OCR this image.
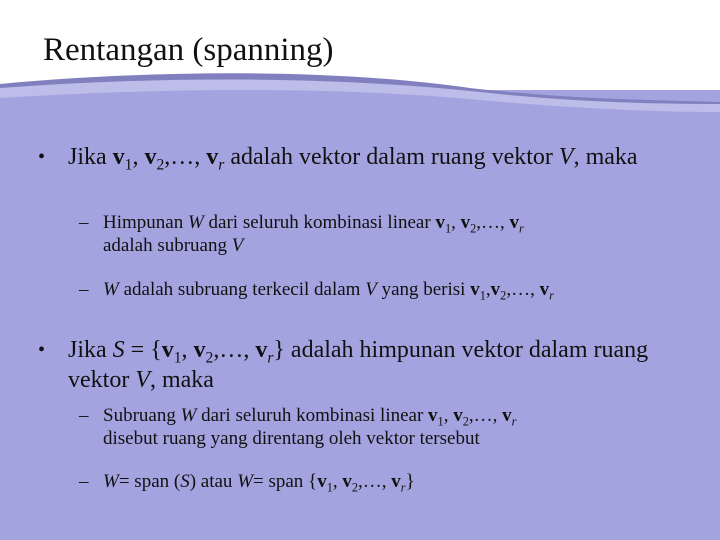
Rentangan (spanning)
• Jika $v_1$, $v_2,\dots$, $v_r$ adalah vektor dalam ruang vektor V, maka
– Himpunan W dari seluruh kombinasi linear $v_1$, $v_2,\dots$, $v_r$
adalah subruang V
– W adalah subruang terkecil dalam V yang berisi $v_1,v_2,\dots$, $v_r$
• Jika $S = \{v_1$, $v_2,\dots$, $v_r$} adalah himpunan vektor dalam ruang vektor V, maka
– Subruang W dari seluruh kombinasi linear $v_1$, $v_2,\dots$, $v_r$
disebut ruang yang direntang oleh vektor tersebut
– W= span (S) atau W= span {$v_1$, $v_2,\dots$, $v_r$}
